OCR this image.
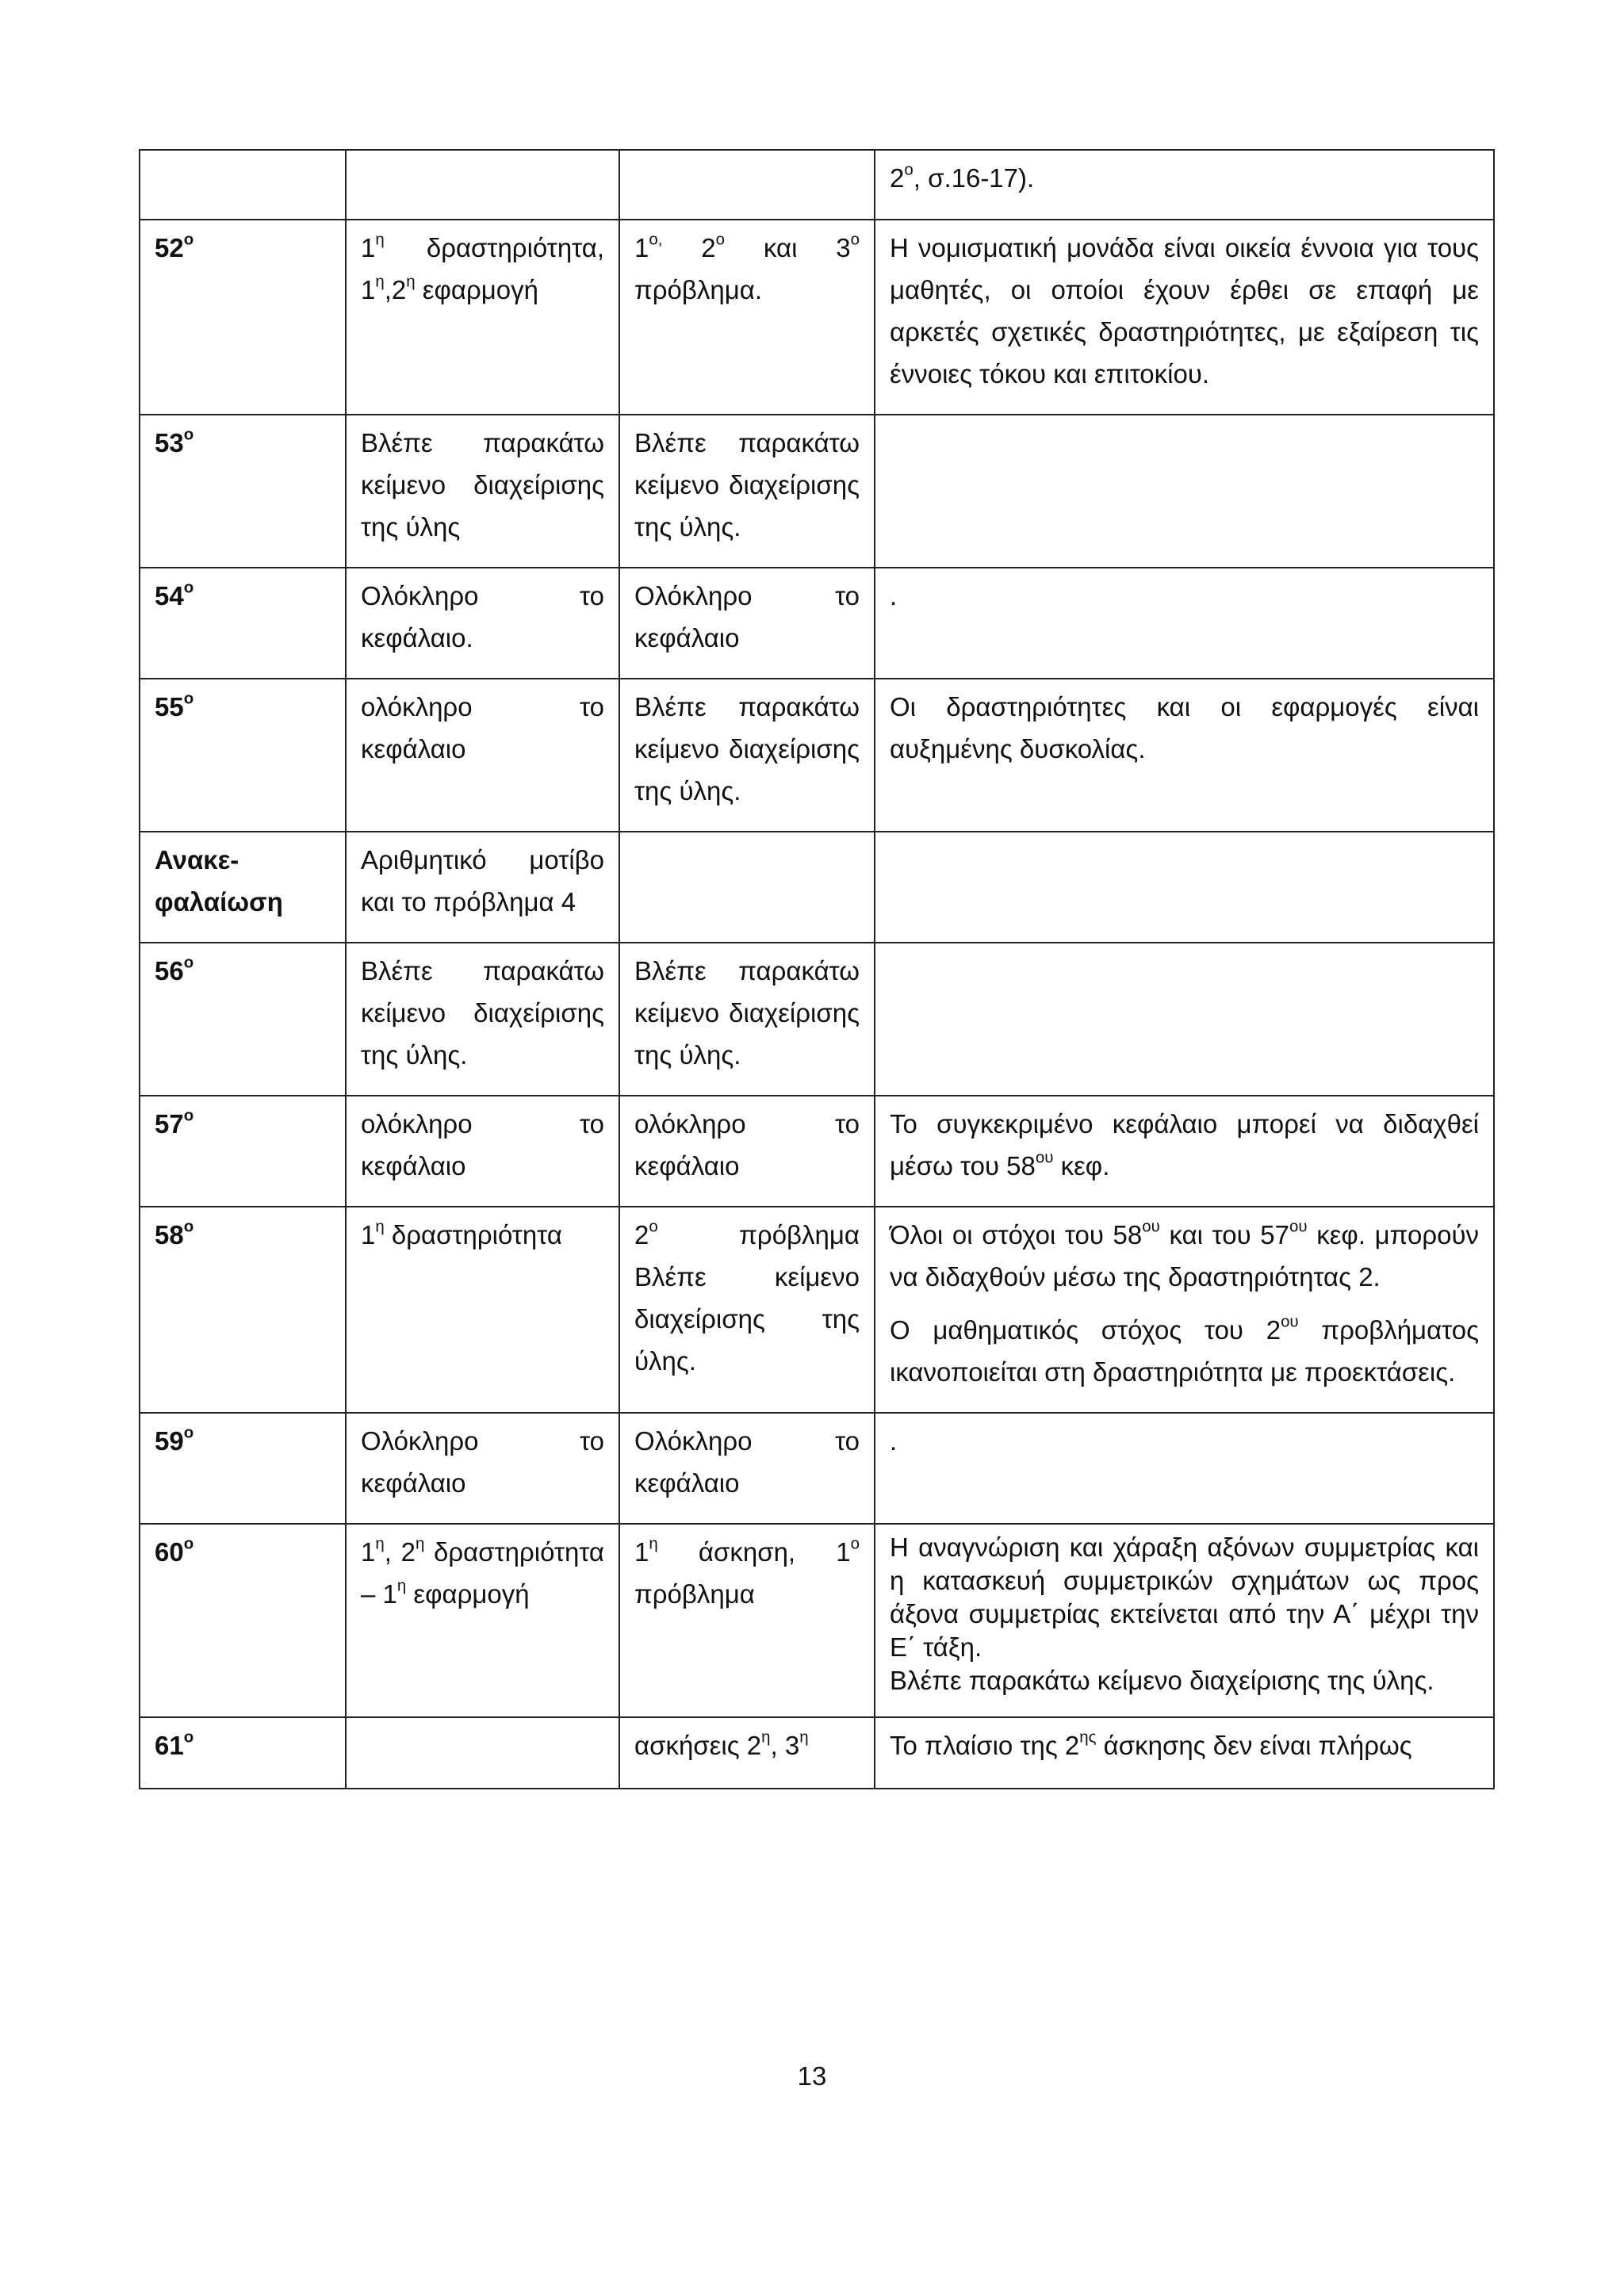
			$2^o$, σ.16-17).
$52^o$	$1^\eta$ δραστηριότητα, $1^\eta,2^\eta$ εφαρμογή	$1^{o,}$ $2^o$ και $3^o$ πρόβλημα.	Η νομισματική μονάδα είναι οικεία έννοια για τους μαθητές, οι οποίοι έχουν έρθει σε επαφή με αρκετές σχετικές δραστηριότητες, με εξαίρεση τις έννοιες τόκου και επιτοκίου.
$53^o$	Βλέπε παρακάτω κείμενο διαχείρισης της ύλης	Βλέπε παρακάτω κείμενο διαχείρισης της ύλης.	
$54^o$	Ολόκληρο το κεφάλαιο.	Ολόκληρο το κεφάλαιο	.
$55^o$	ολόκληρο το κεφάλαιο	Βλέπε παρακάτω κείμενο διαχείρισης της ύλης.	Οι δραστηριότητες και οι εφαρμογές είναι αυξημένης δυσκολίας.
Ανακε-
φαλαίωση	Αριθμητικό μοτίβο και το πρόβλημα 4		
$56^o$	Βλέπε παρακάτω κείμενο διαχείρισης της ύλης.	Βλέπε παρακάτω κείμενο διαχείρισης της ύλης.	
$57^o$	ολόκληρο το κεφάλαιο	ολόκληρο το κεφάλαιο	Το συγκεκριμένο κεφάλαιο μπορεί να διδαχθεί μέσω του $58^{o\upsilon}$ κεφ.
$58^o$	$1^\eta$ δραστηριότητα	$2^o$ πρόβλημα Βλέπε κείμενο διαχείρισης της ύλης.	Όλοι οι στόχοι του $58^{o\upsilon}$ και του $57^{o\upsilon}$ κεφ. μπορούν να διδαχθούν μέσω της δραστηριότητας 2.

Ο μαθηματικός στόχος του $2^{o\upsilon}$ προβλήματος ικανοποιείται στη δραστηριότητα με προεκτάσεις.

$59^o$	Ολόκληρο το κεφάλαιο	Ολόκληρο το κεφάλαιο	.
$60^o$	$1^\eta$, $2^\eta$ δραστηριότητα – $1^\eta$ εφαρμογή	$1^\eta$ άσκηση, $1^o$ πρόβλημα	Η αναγνώριση και χάραξη αξόνων συμμετρίας και η κατασκευή συμμετρικών σχημάτων ως προς άξονα συμμετρίας εκτείνεται από την Α΄ μέχρι την Ε΄ τάξη.
Βλέπε παρακάτω κείμενο διαχείρισης της ύλης.
$61^o$		ασκήσεις $2^\eta$, $3^\eta$	Το πλαίσιο της $2^{\eta\varsigma}$ άσκησης δεν είναι πλήρως
13
